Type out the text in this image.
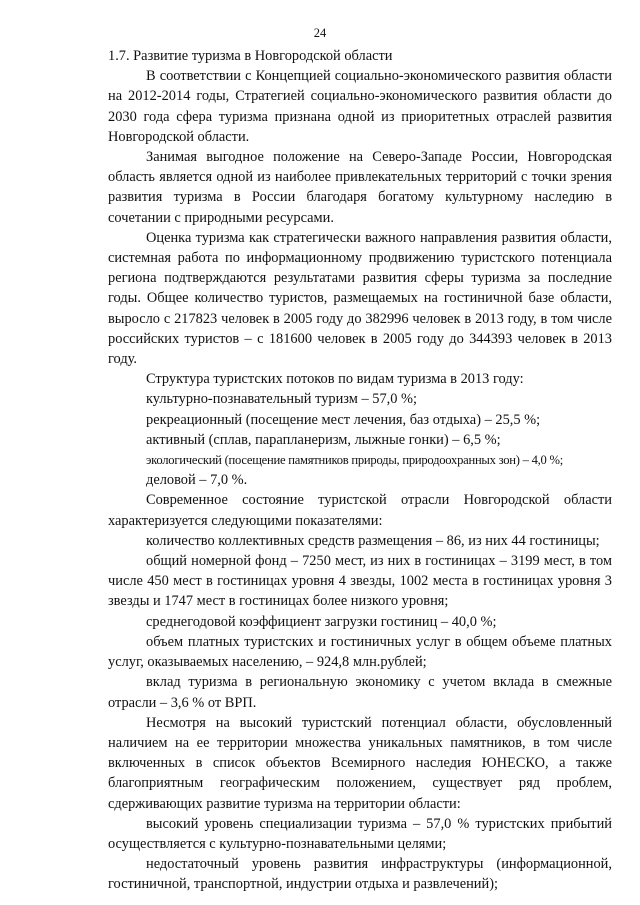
24

1.7. Развитие туризма в Новгородской области

В соответствии с Концепцией социально-экономического развития области на 2012-2014 годы, Стратегией социально-экономического развития области до 2030 года сфера туризма признана одной из приоритетных отраслей развития Новгородской области.

Занимая выгодное положение на Северо-Западе России, Новгородская область является одной из наиболее привлекательных территорий с точки зрения развития туризма в России благодаря богатому культурному наследию в сочетании с природными ресурсами.

Оценка туризма как стратегически важного направления развития области, системная работа по информационному продвижению туристского потенциала региона подтверждаются результатами развития сферы туризма за последние годы. Общее количество туристов, размещаемых на гостиничной базе области, выросло с 217823 человек в 2005 году до 382996 человек в 2013 году, в том числе российских туристов – с 181600 человек в 2005 году до 344393 человек в 2013 году.

Структура туристских потоков по видам туризма в 2013 году:

культурно-познавательный туризм – 57,0 %;

рекреационный (посещение мест лечения, баз отдыха) – 25,5 %;

активный (сплав, парапланеризм, лыжные гонки) – 6,5 %;

экологический (посещение памятников природы, природоохранных зон) – 4,0 %;

деловой – 7,0 %.

Современное состояние туристской отрасли Новгородской области характеризуется следующими показателями:

количество коллективных средств размещения – 86, из них 44 гостиницы;

общий номерной фонд – 7250 мест, из них в гостиницах – 3199 мест, в том числе 450 мест в гостиницах уровня 4 звезды, 1002 места в гостиницах уровня 3 звезды и 1747 мест в гостиницах более низкого уровня;

среднегодовой коэффициент загрузки гостиниц – 40,0 %;

объем платных туристских и гостиничных услуг в общем объеме платных услуг, оказываемых населению, – 924,8 млн.рублей;

вклад туризма в региональную экономику с учетом вклада в смежные отрасли – 3,6 % от ВРП.

Несмотря на высокий туристский потенциал области, обусловленный наличием на ее территории множества уникальных памятников, в том числе включенных в список объектов Всемирного наследия ЮНЕСКО, а также благоприятным географическим положением, существует ряд проблем, сдерживающих развитие туризма на территории области:

высокий уровень специализации туризма – 57,0 % туристских прибытий осуществляется с культурно-познавательными целями;

недостаточный уровень развития инфраструктуры (информационной, гостиничной, транспортной, индустрии отдыха и развлечений);
